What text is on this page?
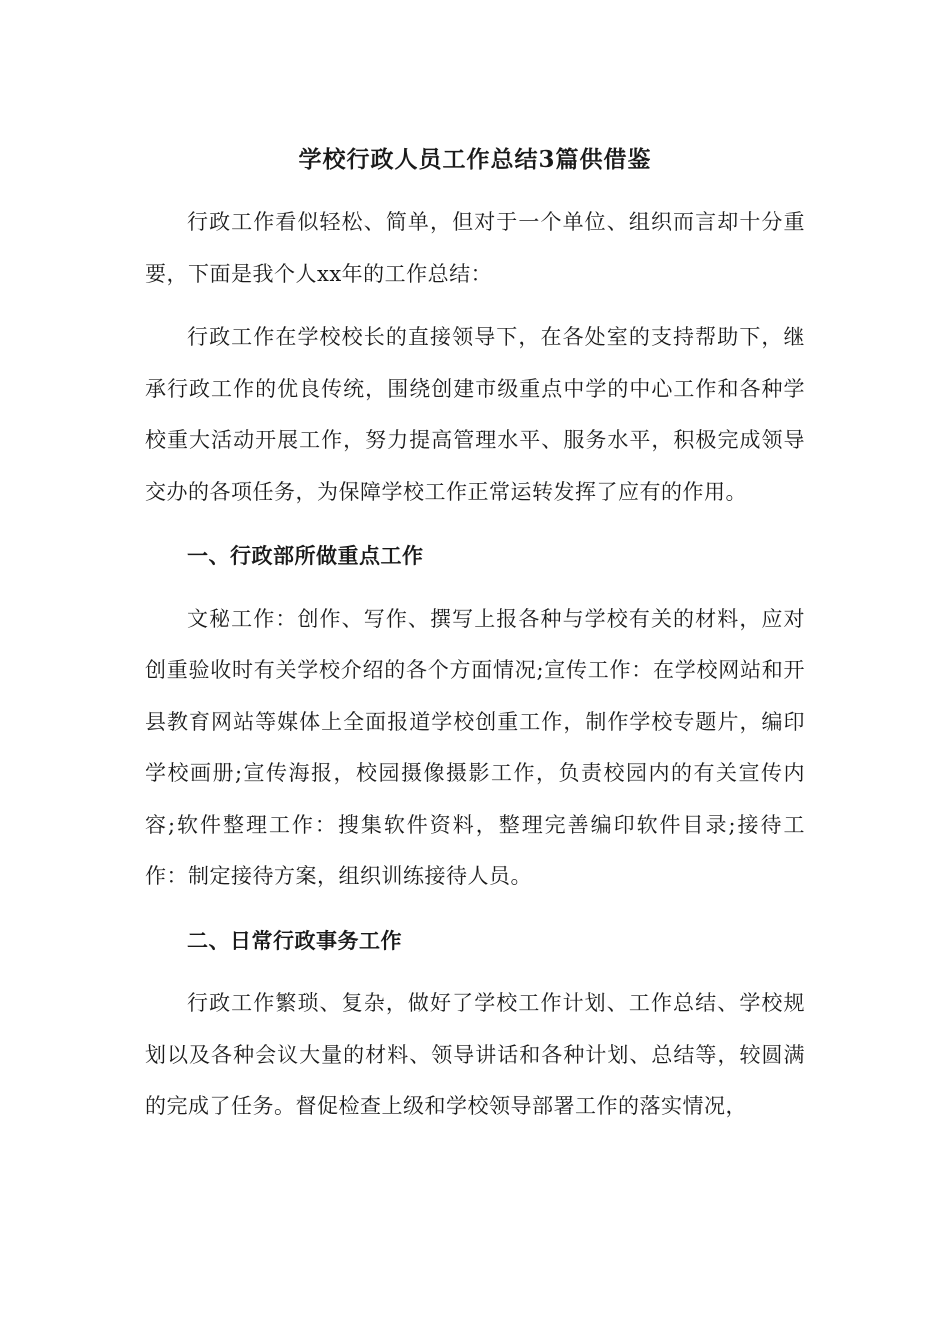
学校行政人员工作总结3篇供借鉴

行政工作看似轻松、简单，但对于一个单位、组织而言却十分重要，下面是我个人xx年的工作总结：

行政工作在学校校长的直接领导下，在各处室的支持帮助下，继承行政工作的优良传统，围绕创建市级重点中学的中心工作和各种学校重大活动开展工作，努力提高管理水平、服务水平，积极完成领导交办的各项任务，为保障学校工作正常运转发挥了应有的作用。

一、行政部所做重点工作

文秘工作：创作、写作、撰写上报各种与学校有关的材料，应对创重验收时有关学校介绍的各个方面情况;宣传工作：在学校网站和开县教育网站等媒体上全面报道学校创重工作，制作学校专题片，编印学校画册;宣传海报，校园摄像摄影工作，负责校园内的有关宣传内容;软件整理工作：搜集软件资料，整理完善编印软件目录;接待工作：制定接待方案，组织训练接待人员。

二、日常行政事务工作

行政工作繁琐、复杂，做好了学校工作计划、工作总结、学校规划以及各种会议大量的材料、领导讲话和各种计划、总结等，较圆满的完成了任务。督促检查上级和学校领导部署工作的落实情况，
